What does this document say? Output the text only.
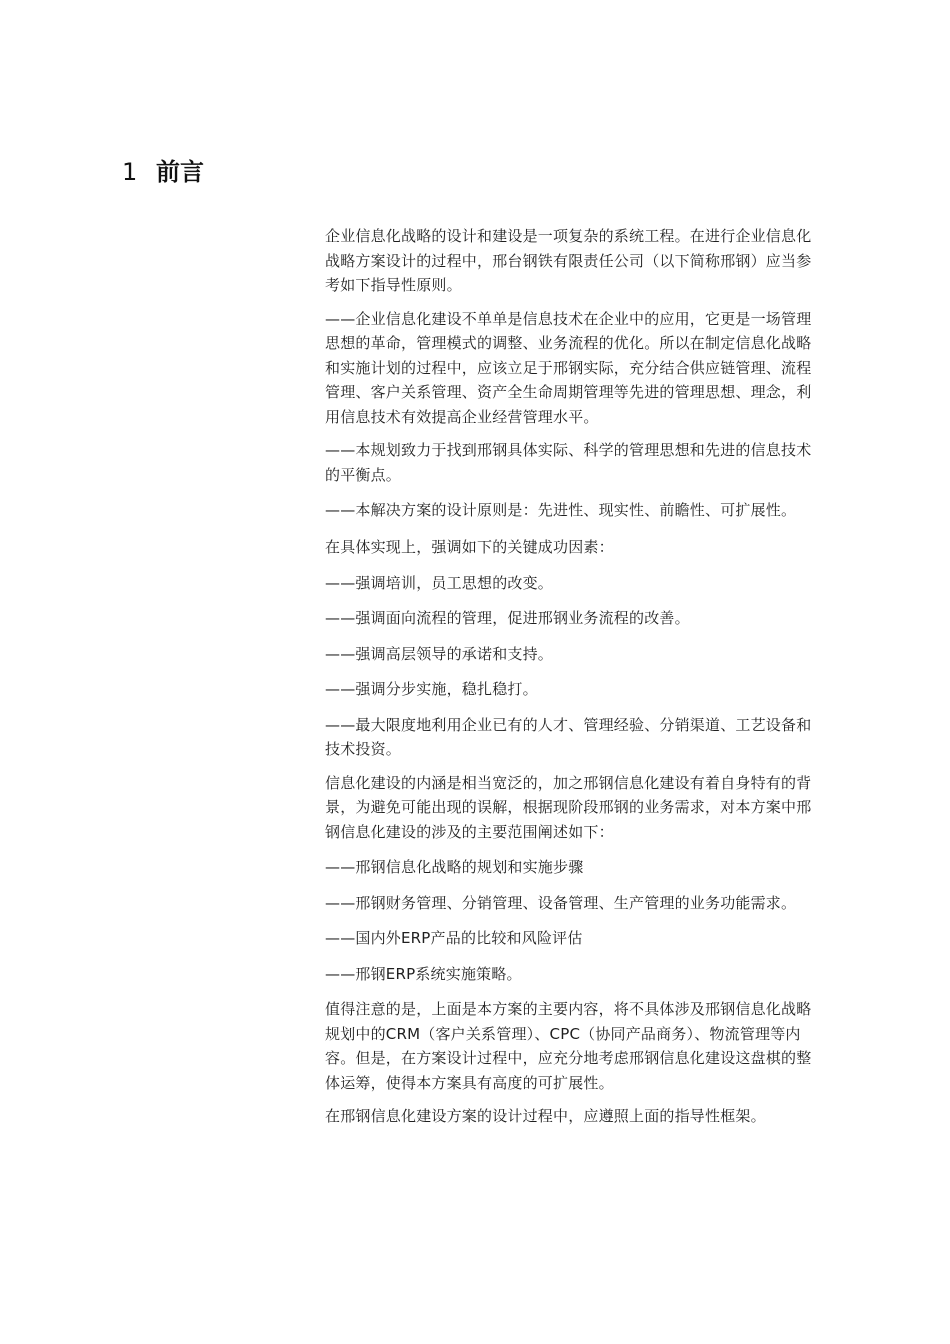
1 前言

企业信息化战略的设计和建设是一项复杂的系统工程。在进行企业信息化战略方案设计的过程中，邢台钢铁有限责任公司（以下简称邢钢）应当参考如下指导性原则。

——企业信息化建设不单单是信息技术在企业中的应用，它更是一场管理思想的革命，管理模式的调整、业务流程的优化。所以在制定信息化战略和实施计划的过程中，应该立足于邢钢实际，充分结合供应链管理、流程管理、客户关系管理、资产全生命周期管理等先进的管理思想、理念，利用信息技术有效提高企业经营管理水平。

——本规划致力于找到邢钢具体实际、科学的管理思想和先进的信息技术的平衡点。

——本解决方案的设计原则是：先进性、现实性、前瞻性、可扩展性。

在具体实现上，强调如下的关键成功因素：

——强调培训，员工思想的改变。

——强调面向流程的管理，促进邢钢业务流程的改善。

——强调高层领导的承诺和支持。

——强调分步实施，稳扎稳打。

——最大限度地利用企业已有的人才、管理经验、分销渠道、工艺设备和技术投资。

信息化建设的内涵是相当宽泛的，加之邢钢信息化建设有着自身特有的背景，为避免可能出现的误解，根据现阶段邢钢的业务需求，对本方案中邢钢信息化建设的涉及的主要范围阐述如下：

——邢钢信息化战略的规划和实施步骤

——邢钢财务管理、分销管理、设备管理、生产管理的业务功能需求。

——国内外ERP产品的比较和风险评估

——邢钢ERP系统实施策略。

值得注意的是，上面是本方案的主要内容，将不具体涉及邢钢信息化战略规划中的CRM（客户关系管理）、CPC（协同产品商务）、物流管理等内容。但是，在方案设计过程中，应充分地考虑邢钢信息化建设这盘棋的整体运筹，使得本方案具有高度的可扩展性。

在邢钢信息化建设方案的设计过程中，应遵照上面的指导性框架。
